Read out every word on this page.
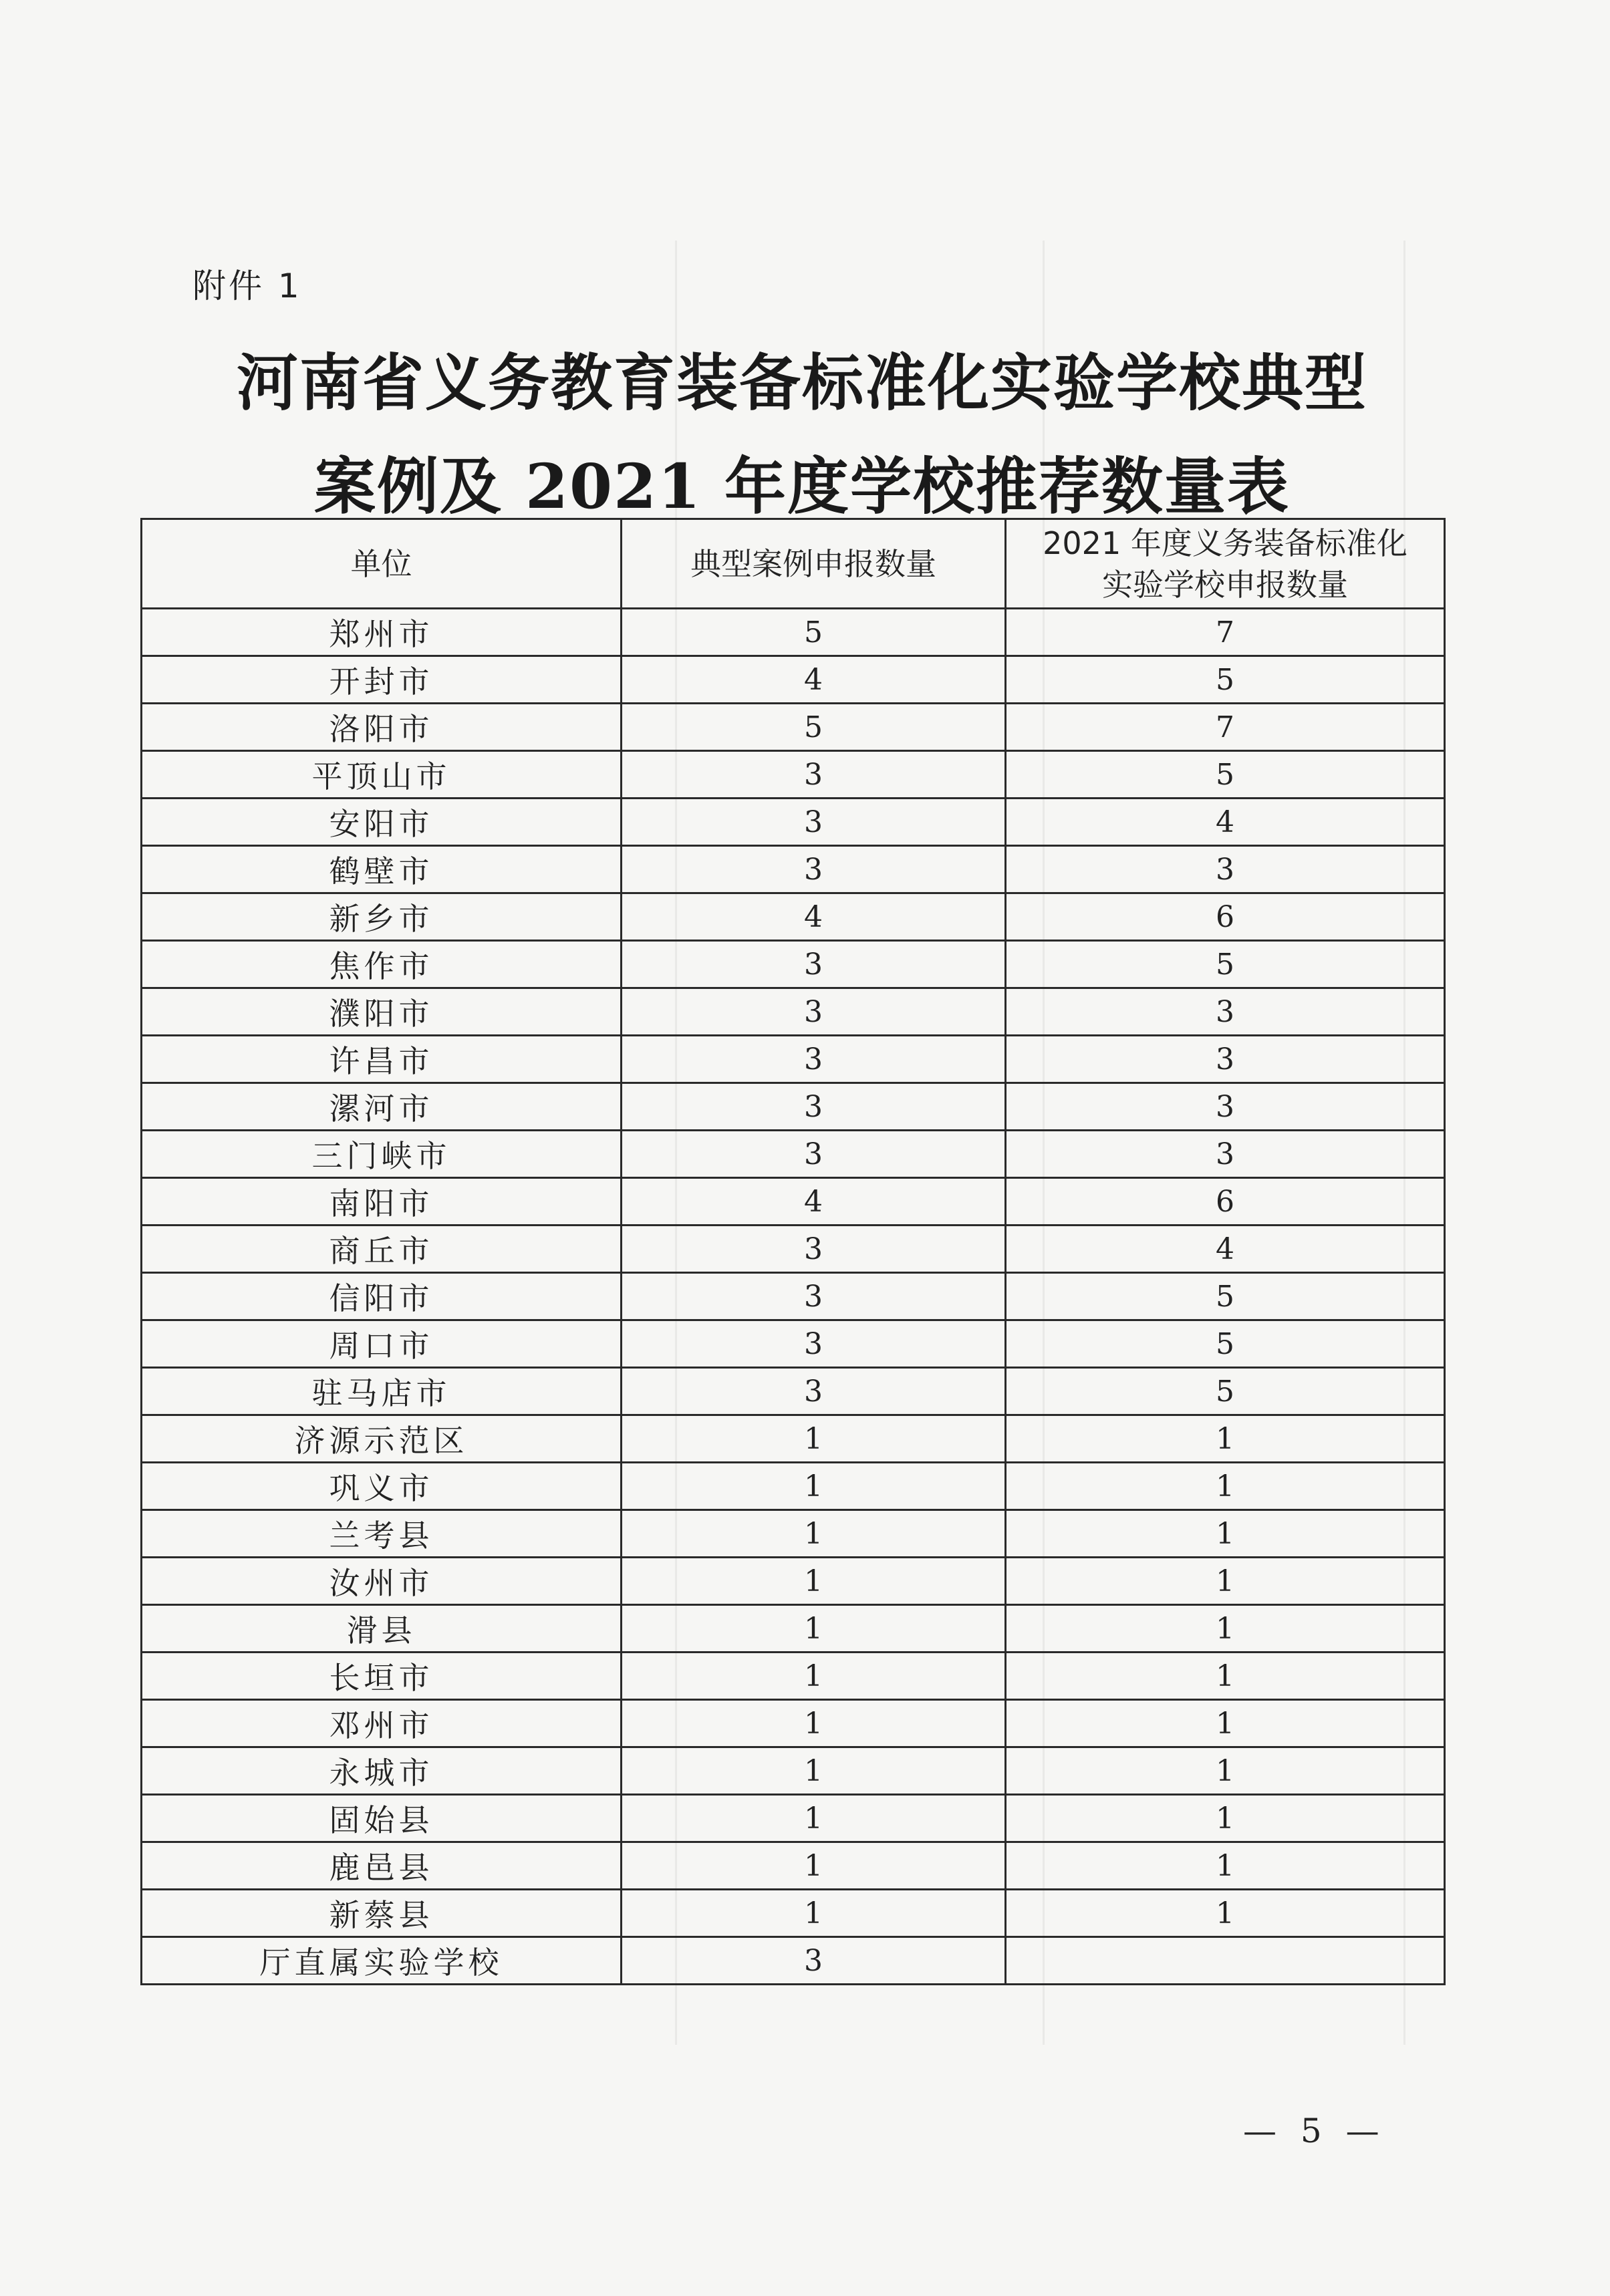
附件 1
河南省义务教育装备标准化实验学校典型
案例及 2021 年度学校推荐数量表
单位	典型案例申报数量	2021 年度义务装备标准化
实验学校申报数量

郑州市	5	7
开封市	4	5
洛阳市	5	7
平顶山市	3	5
安阳市	3	4
鹤壁市	3	3
新乡市	4	6
焦作市	3	5
濮阳市	3	3
许昌市	3	3
漯河市	3	3
三门峡市	3	3
南阳市	4	6
商丘市	3	4
信阳市	3	5
周口市	3	5
驻马店市	3	5
济源示范区	1	1
巩义市	1	1
兰考县	1	1
汝州市	1	1
滑县	1	1
长垣市	1	1
邓州市	1	1
永城市	1	1
固始县	1	1
鹿邑县	1	1
新蔡县	1	1
厅直属实验学校	3	
— 5 —
